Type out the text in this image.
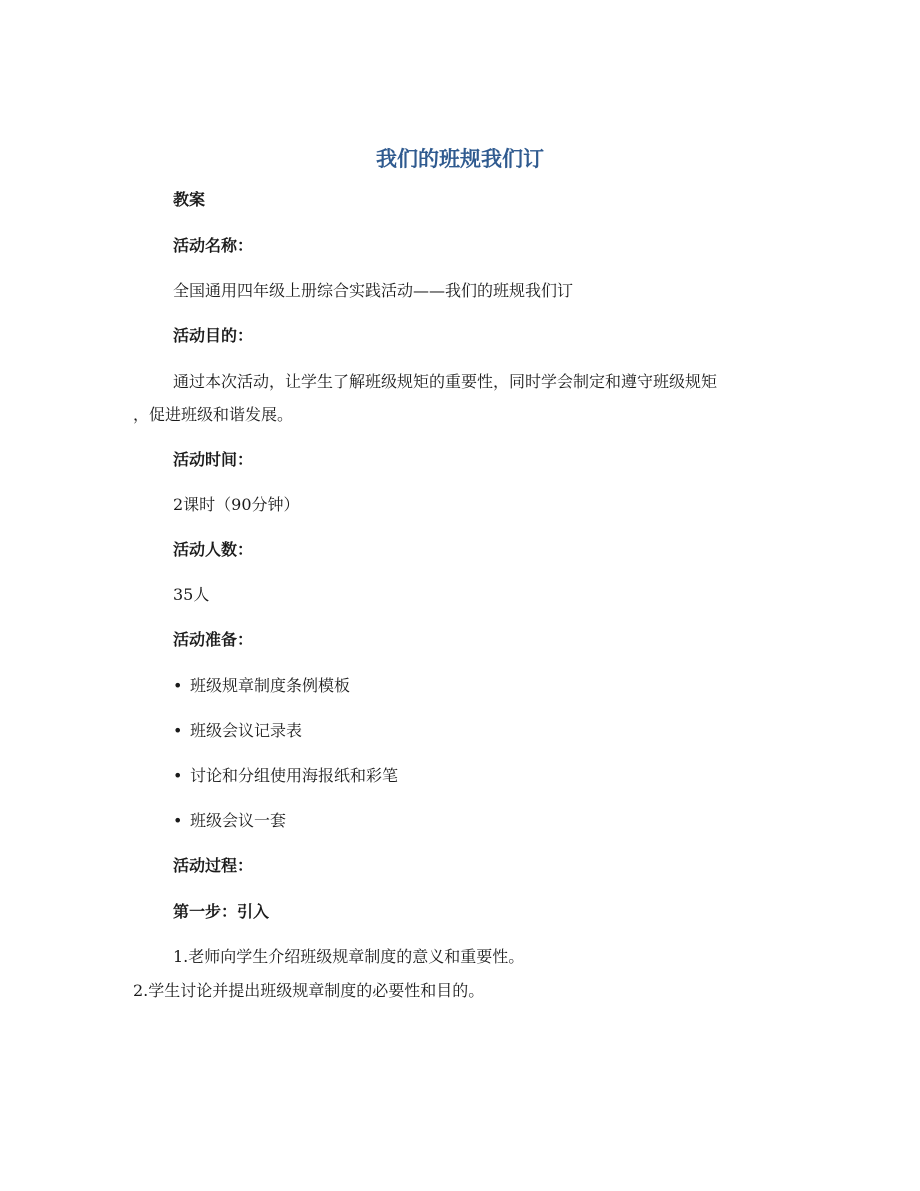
我们的班规我们订
教案
活动名称：
全国通用四年级上册综合实践活动——我们的班规我们订
活动目的：
通过本次活动，让学生了解班级规矩的重要性，同时学会制定和遵守班级规矩
，促进班级和谐发展。
活动时间：
2课时（90分钟）
活动人数：
35人
活动准备：
• 班级规章制度条例模板
• 班级会议记录表
• 讨论和分组使用海报纸和彩笔
• 班级会议一套
活动过程：
第一步：引入
1.老师向学生介绍班级规章制度的意义和重要性。
2.学生讨论并提出班级规章制度的必要性和目的。
